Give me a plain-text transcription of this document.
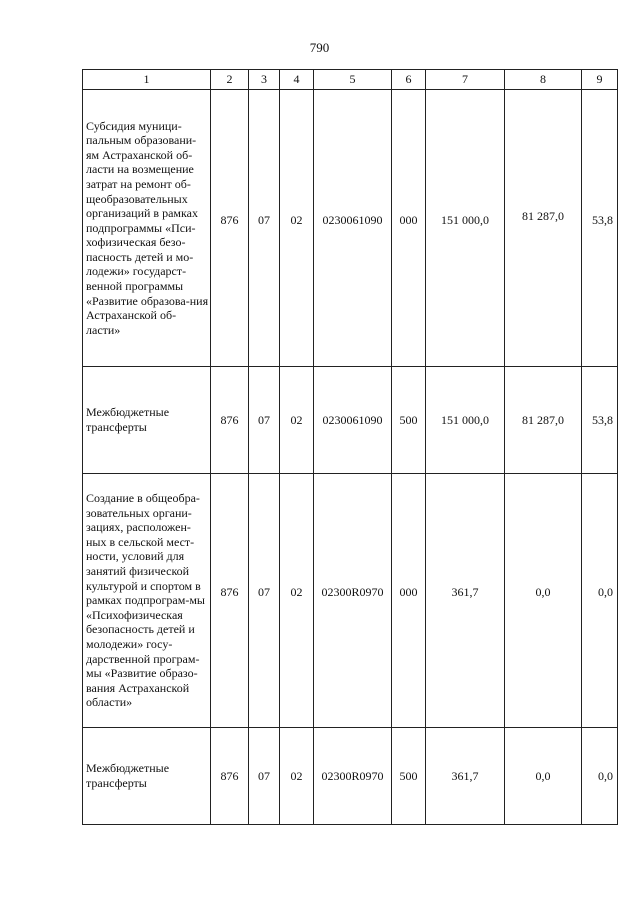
790
1	2	3	4	5	6	7	8	9
Субсидия муници-пальным образовани-ям Астраханской об-ласти на возмещение затрат на ремонт об-щеобразовательных организаций в рамках подпрограммы «Пси-хофизическая безо-пасность детей и мо-лодежи» государст-венной программы «Развитие образова-ния Астраханской об-ласти»	876	07	02	0230061090	000	151 000,0	81 287,0	53,8
Межбюджетные трансферты	876	07	02	0230061090	500	151 000,0	81 287,0	53,8
Создание в общеобра-зовательных органи-зациях, расположен-ных в сельской мест-ности, условий для занятий физической культурой и спортом в рамках подпрограм-мы «Психофизическая безопасность детей и молодежи» госу-дарственной програм-мы «Развитие образо-вания Астраханской области»	876	07	02	02300R0970	000	361,7	0,0	0,0
Межбюджетные трансферты	876	07	02	02300R0970	500	361,7	0,0	0,0
